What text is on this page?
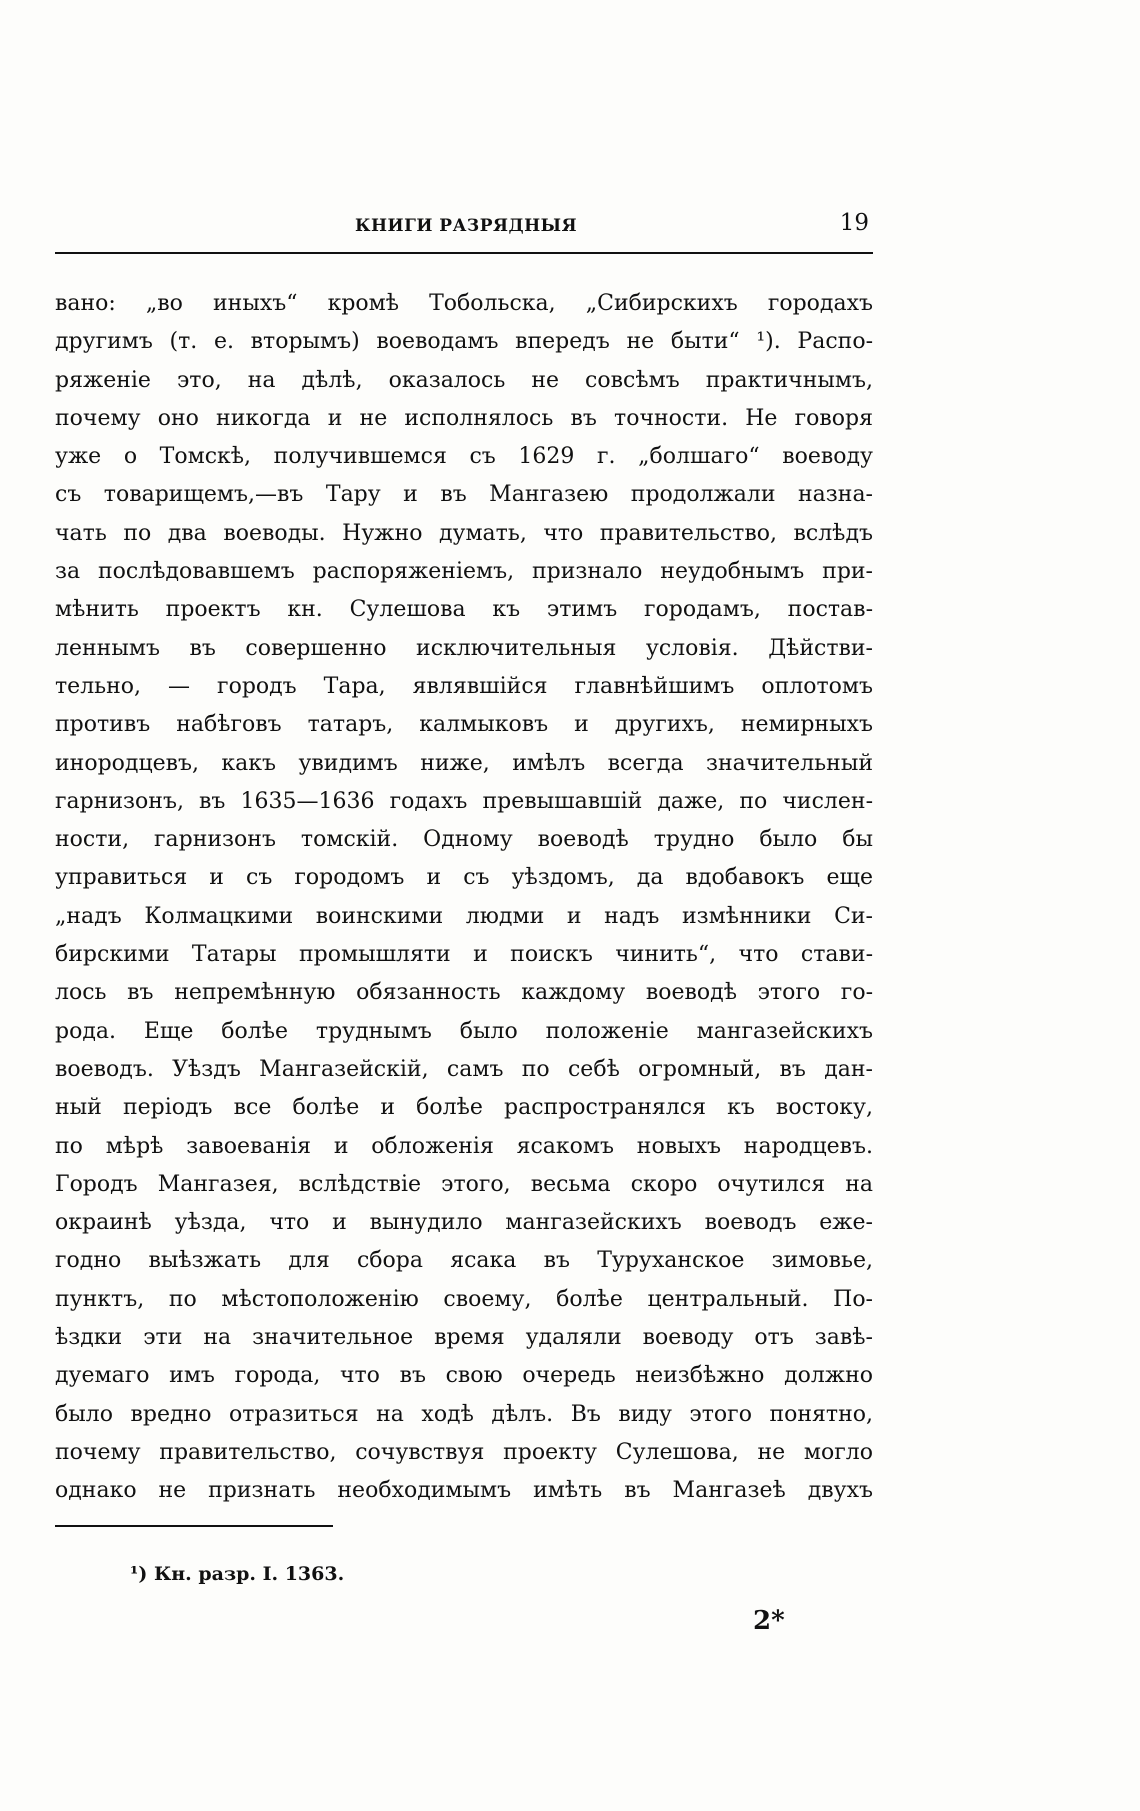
КНИГИ РАЗРЯДНЫЯ	19
вано: „во иныхъ“ кромѣ Тобольска, „Сибирскихъ городахъ
другимъ (т. е. вторымъ) воеводамъ впередъ не быти“ ¹). Распо-
ряженіе это, на дѣлѣ, оказалось не совсѣмъ практичнымъ,
почему оно никогда и не исполнялось въ точности. Не говоря
уже о Томскѣ, получившемся съ 1629 г. „болшаго“ воеводу
съ товарищемъ,—въ Тару и въ Мангазею продолжали назна-
чать по два воеводы. Нужно думать, что правительство, вслѣдъ
за послѣдовавшемъ распоряженіемъ, признало неудобнымъ при-
мѣнить проектъ кн. Сулешова къ этимъ городамъ, постав-
леннымъ въ совершенно исключительныя условія. Дѣйстви-
тельно, — городъ Тара, являвшійся главнѣйшимъ оплотомъ
противъ набѣговъ татаръ, калмыковъ и другихъ, немирныхъ
инородцевъ, какъ увидимъ ниже, имѣлъ всегда значительный
гарнизонъ, въ 1635—1636 годахъ превышавшій даже, по числен-
ности, гарнизонъ томскій. Одному воеводѣ трудно было бы
управиться и съ городомъ и съ уѣздомъ, да вдобавокъ еще
„надъ Колмацкими воинскими людми и надъ измѣнники Си-
бирскими Татары промышляти и поискъ чинить“, что стави-
лось въ непремѣнную обязанность каждому воеводѣ этого го-
рода. Еще болѣе труднымъ было положеніе мангазейскихъ
воеводъ. Уѣздъ Мангазейскій, самъ по себѣ огромный, въ дан-
ный періодъ все болѣе и болѣе распространялся къ востоку,
по мѣрѣ завоеванія и обложенія ясакомъ новыхъ народцевъ.
Городъ Мангазея, вслѣдствіе этого, весьма скоро очутился на
окраинѣ уѣзда, что и вынудило мангазейскихъ воеводъ еже-
годно выѣзжать для сбора ясака въ Туруханское зимовье,
пунктъ, по мѣстоположенію своему, болѣе центральный. По-
ѣздки эти на значительное время удаляли воеводу отъ завѣ-
дуемаго имъ города, что въ свою очередь неизбѣжно должно
было вредно отразиться на ходѣ дѣлъ. Въ виду этого понятно,
почему правительство, сочувствуя проекту Сулешова, не могло
однако не признать необходимымъ имѣть въ Мангазеѣ двухъ
¹) Кн. разр. I. 1363.
2*
